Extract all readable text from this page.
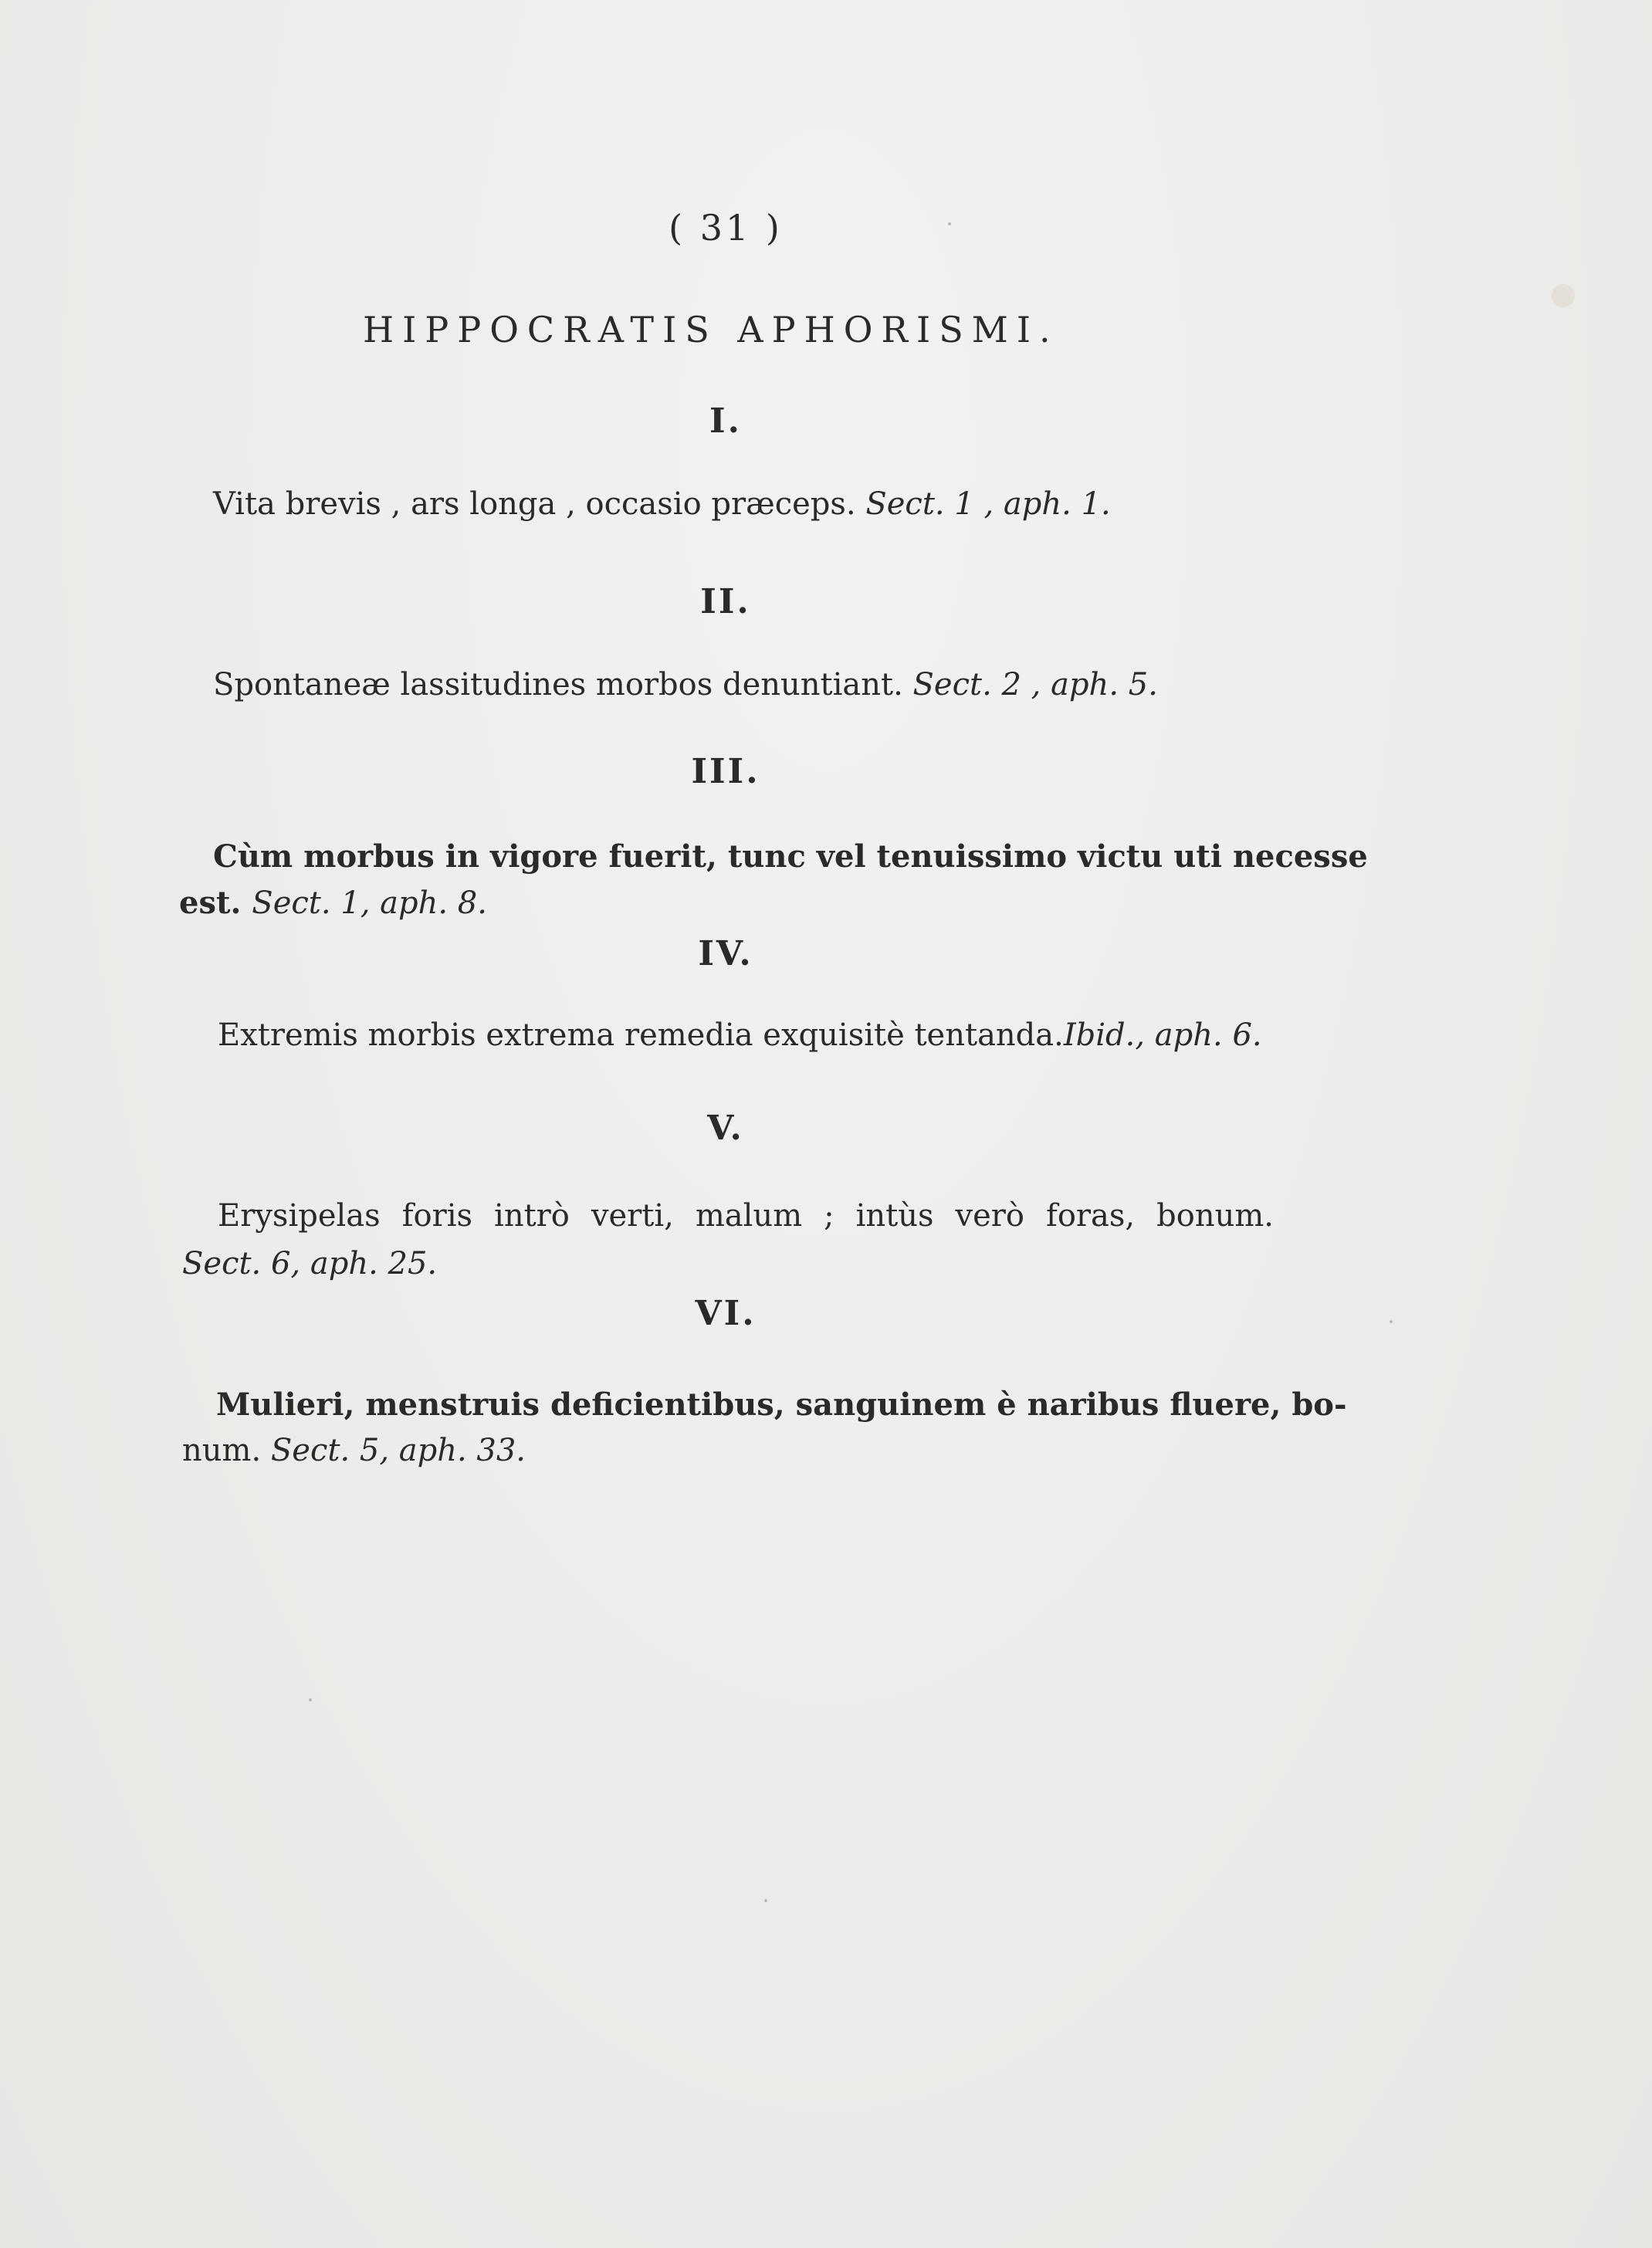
( 31 )
HIPPOCRATIS APHORISMI.
I.
Vita brevis , ars longa , occasio præceps. Sect. 1 , aph. 1.
II.
Spontaneæ lassitudines morbos denuntiant. Sect. 2 , aph. 5.
III.
Cùm morbus in vigore fuerit, tunc vel tenuissimo victu uti necesse
est. Sect. 1, aph. 8.
IV.
Extremis morbis extrema remedia exquisitè tentanda.Ibid., aph. 6.
V.
Erysipelas foris intrò verti, malum ; intùs verò foras, bonum.
Sect. 6, aph. 25.
VI.
Mulieri, menstruis deficientibus, sanguinem è naribus fluere, bo-
num. Sect. 5, aph. 33.
